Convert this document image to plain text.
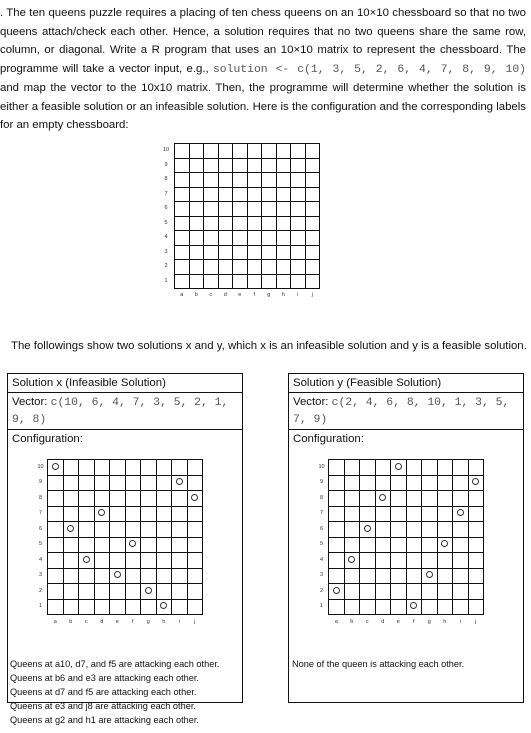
. The ten queens puzzle requires a placing of ten chess queens on an 10×10 chessboard so that no two queens attach/check each other. Hence, a solution requires that no two queens share the same row, column, or diagonal. Write a R program that uses an 10×10 matrix to represent the chessboard. The programme will take a vector input, e.g., solution <- c(1, 3, 5, 2, 6, 4, 7, 8, 9, 10) and map the vector to the 10x10 matrix. Then, the programme will determine whether the solution is either a feasible solution or an infeasible solution. Here is the configuration and the corresponding labels for an empty chessboard:

10										
9										
8										
7										
6										
5										
4										
3										
2										
1										
	a	b	c	d	e	f	g	h	i	j
The followings show two solutions x and y, which x is an infeasible solution and y is a feasible solution.
Solution x (Infeasible Solution)
Vector: c(10, 6, 4, 7, 3, 5, 2, 1, 9, 8)
Configuration:
10										
9										
8										
7										
6										
5										
4										
3										
2										
1										
	a	b	c	d	e	f	g	h	i	j
Solution y (Feasible Solution)
Vector: c(2, 4, 6, 8, 10, 1, 3, 5, 7, 9)
Configuration:
10										
9										
8										
7										
6										
5										
4										
3										
2										
1										
	a	b	c	d	e	f	g	h	i	j
Queens at a10, d7, and f5 are attacking each other.
Queens at b6 and e3 are attacking each other.
Queens at d7 and f5 are attacking each other.
Queens at e3 and j8 are attacking each other.
Queens at g2 and h1 are attacking each other.
None of the queen is attacking each other.
